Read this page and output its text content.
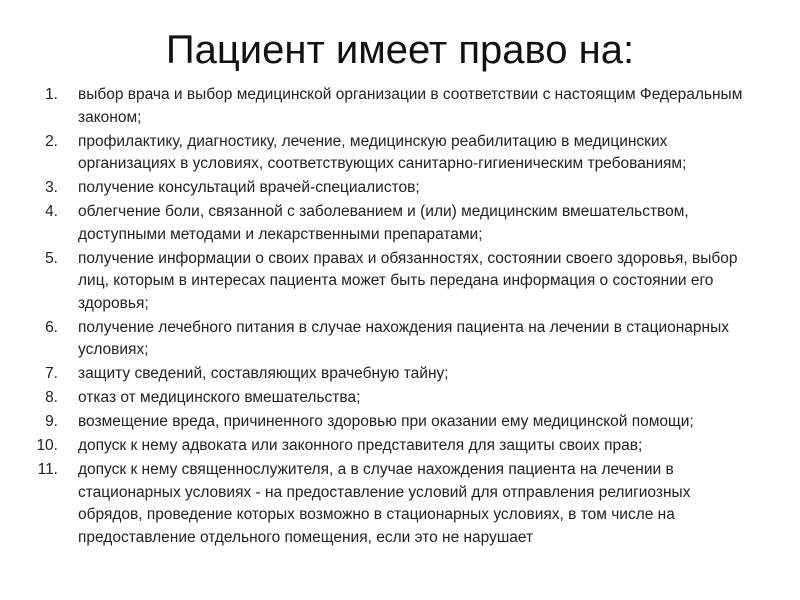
Пациент имеет право на:
1. выбор врача и выбор медицинской организации в соответствии с настоящим Федеральным законом;
2. профилактику, диагностику, лечение, медицинскую реабилитацию в медицинских организациях в условиях, соответствующих санитарно-гигиеническим требованиям;
3. получение консультаций врачей-специалистов;
4. облегчение боли, связанной с заболеванием и (или) медицинским вмешательством, доступными методами и лекарственными препаратами;
5. получение информации о своих правах и обязанностях, состоянии своего здоровья, выбор лиц, которым в интересах пациента может быть передана информация о состоянии его здоровья;
6. получение лечебного питания в случае нахождения пациента на лечении в стационарных условиях;
7. защиту сведений, составляющих врачебную тайну;
8. отказ от медицинского вмешательства;
9. возмещение вреда, причиненного здоровью при оказании ему медицинской помощи;
10. допуск к нему адвоката или законного представителя для защиты своих прав;
11. допуск к нему священнослужителя, а в случае нахождения пациента на лечении в стационарных условиях - на предоставление условий для отправления религиозных обрядов, проведение которых возможно в стационарных условиях, в том числе на предоставление отдельного помещения, если это не нарушает
